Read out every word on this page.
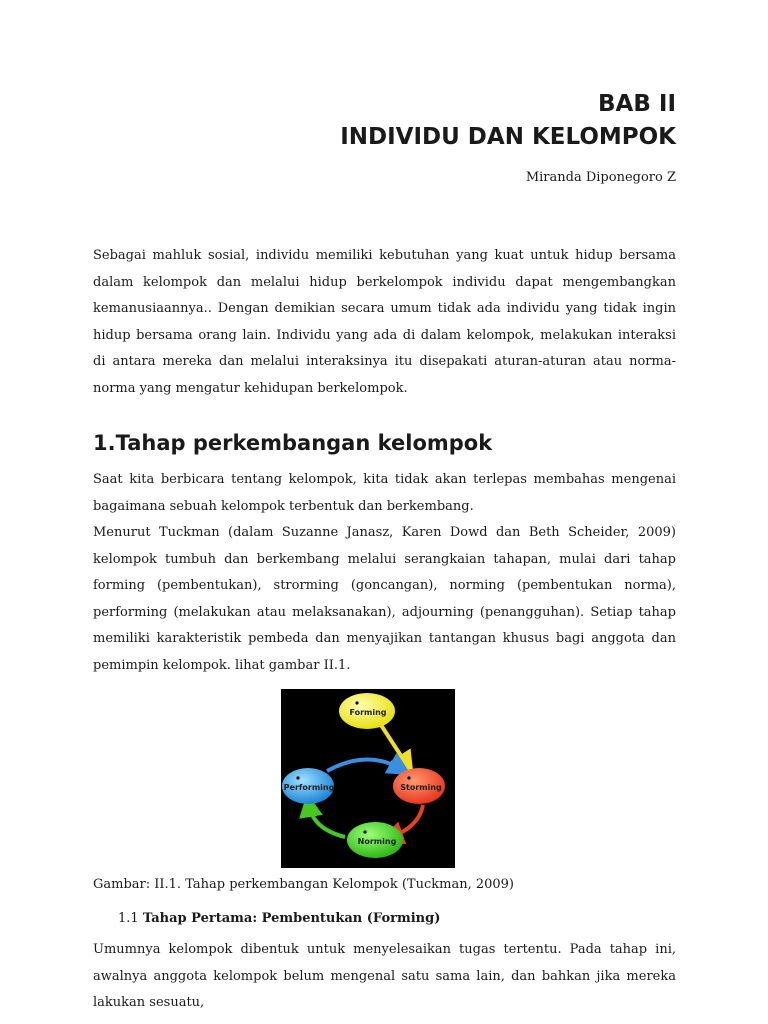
BAB II

INDIVIDU DAN KELOMPOK

Miranda Diponegoro Z

Sebagai mahluk sosial, individu memiliki kebutuhan yang kuat untuk hidup bersama dalam kelompok dan melalui hidup berkelompok individu dapat mengembangkan kemanusiaannya.. Dengan demikian secara umum tidak ada individu yang tidak ingin hidup bersama orang lain. Individu yang ada di dalam kelompok, melakukan interaksi di antara mereka dan melalui interaksinya itu disepakati aturan-aturan atau norma-norma yang mengatur kehidupan berkelompok.

1.Tahap perkembangan kelompok

Saat kita berbicara tentang kelompok, kita tidak akan terlepas membahas mengenai bagaimana sebuah kelompok terbentuk dan berkembang.

Menurut Tuckman (dalam Suzanne Janasz, Karen Dowd dan Beth Scheider, 2009) kelompok tumbuh dan berkembang melalui serangkaian tahapan, mulai dari tahap forming (pembentukan), strorming (goncangan), norming (pembentukan norma), performing (melakukan atau melaksanakan), adjourning (penangguhan). Setiap tahap memiliki karakteristik pembeda dan menyajikan tantangan khusus bagi anggota dan pemimpin kelompok. lihat gambar II.1.

Forming
Storming
Norming
Performing
Gambar: II.1. Tahap perkembangan Kelompok (Tuckman, 2009)
1.1 Tahap Pertama: Pembentukan (Forming)

Umumnya kelompok dibentuk untuk menyelesaikan tugas tertentu. Pada tahap ini, awalnya anggota kelompok belum mengenal satu sama lain, dan bahkan jika mereka lakukan sesuatu,
